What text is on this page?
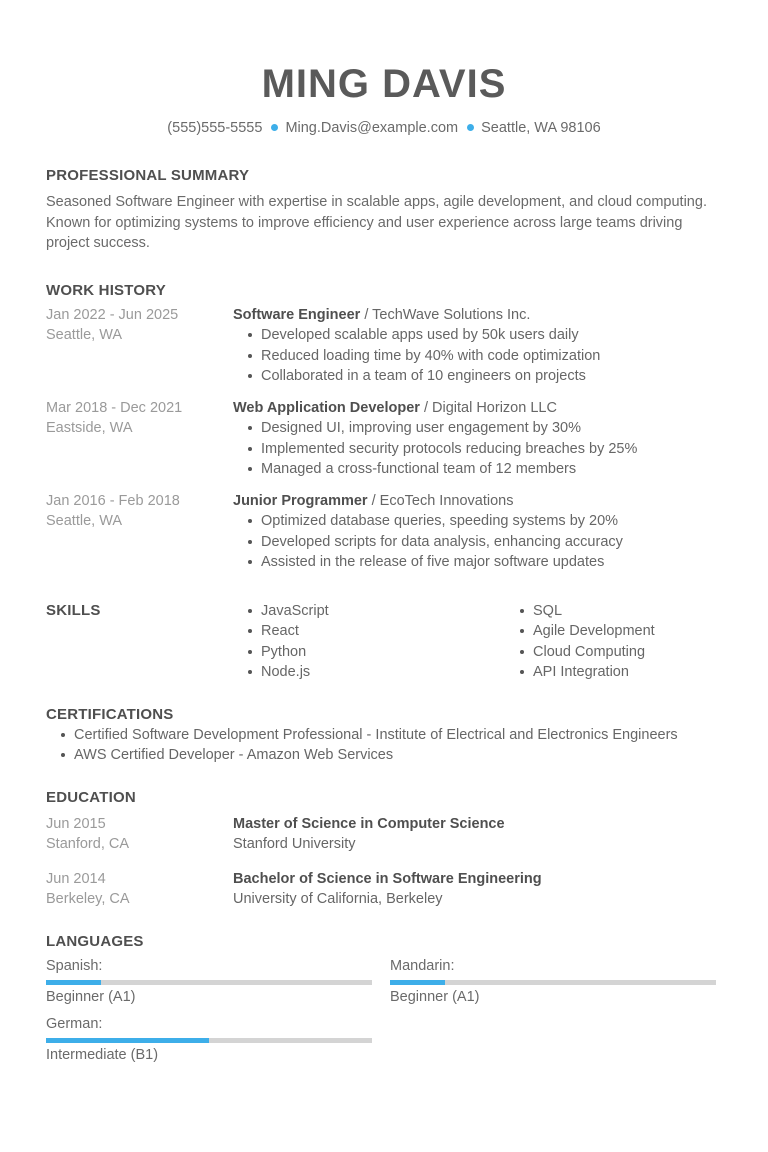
MING DAVIS
(555)555-5555 Ming.Davis@example.com Seattle, WA 98106
PROFESSIONAL SUMMARY
Seasoned Software Engineer with expertise in scalable apps, agile development, and cloud computing. Known for optimizing systems to improve efficiency and user experience across large teams driving project success.
WORK HISTORY
Jan 2022 - Jun 2025
Seattle, WA
Software Engineer / TechWave Solutions Inc.
Developed scalable apps used by 50k users daily
Reduced loading time by 40% with code optimization
Collaborated in a team of 10 engineers on projects
Mar 2018 - Dec 2021
Eastside, WA
Web Application Developer / Digital Horizon LLC
Designed UI, improving user engagement by 30%
Implemented security protocols reducing breaches by 25%
Managed a cross-functional team of 12 members
Jan 2016 - Feb 2018
Seattle, WA
Junior Programmer / EcoTech Innovations
Optimized database queries, speeding systems by 20%
Developed scripts for data analysis, enhancing accuracy
Assisted in the release of five major software updates
SKILLS	JavaScript
React
Python
Node.js
SQL
Agile Development
Cloud Computing
API Integration
CERTIFICATIONS
Certified Software Development Professional - Institute of Electrical and Electronics Engineers
AWS Certified Developer - Amazon Web Services
EDUCATION
Jun 2015
Stanford, CA
Master of Science in Computer Science
Stanford University
Jun 2014
Berkeley, CA
Bachelor of Science in Software Engineering
University of California, Berkeley
LANGUAGES
Spanish:
Beginner (A1)
Mandarin:
Beginner (A1)
German:
Intermediate (B1)
